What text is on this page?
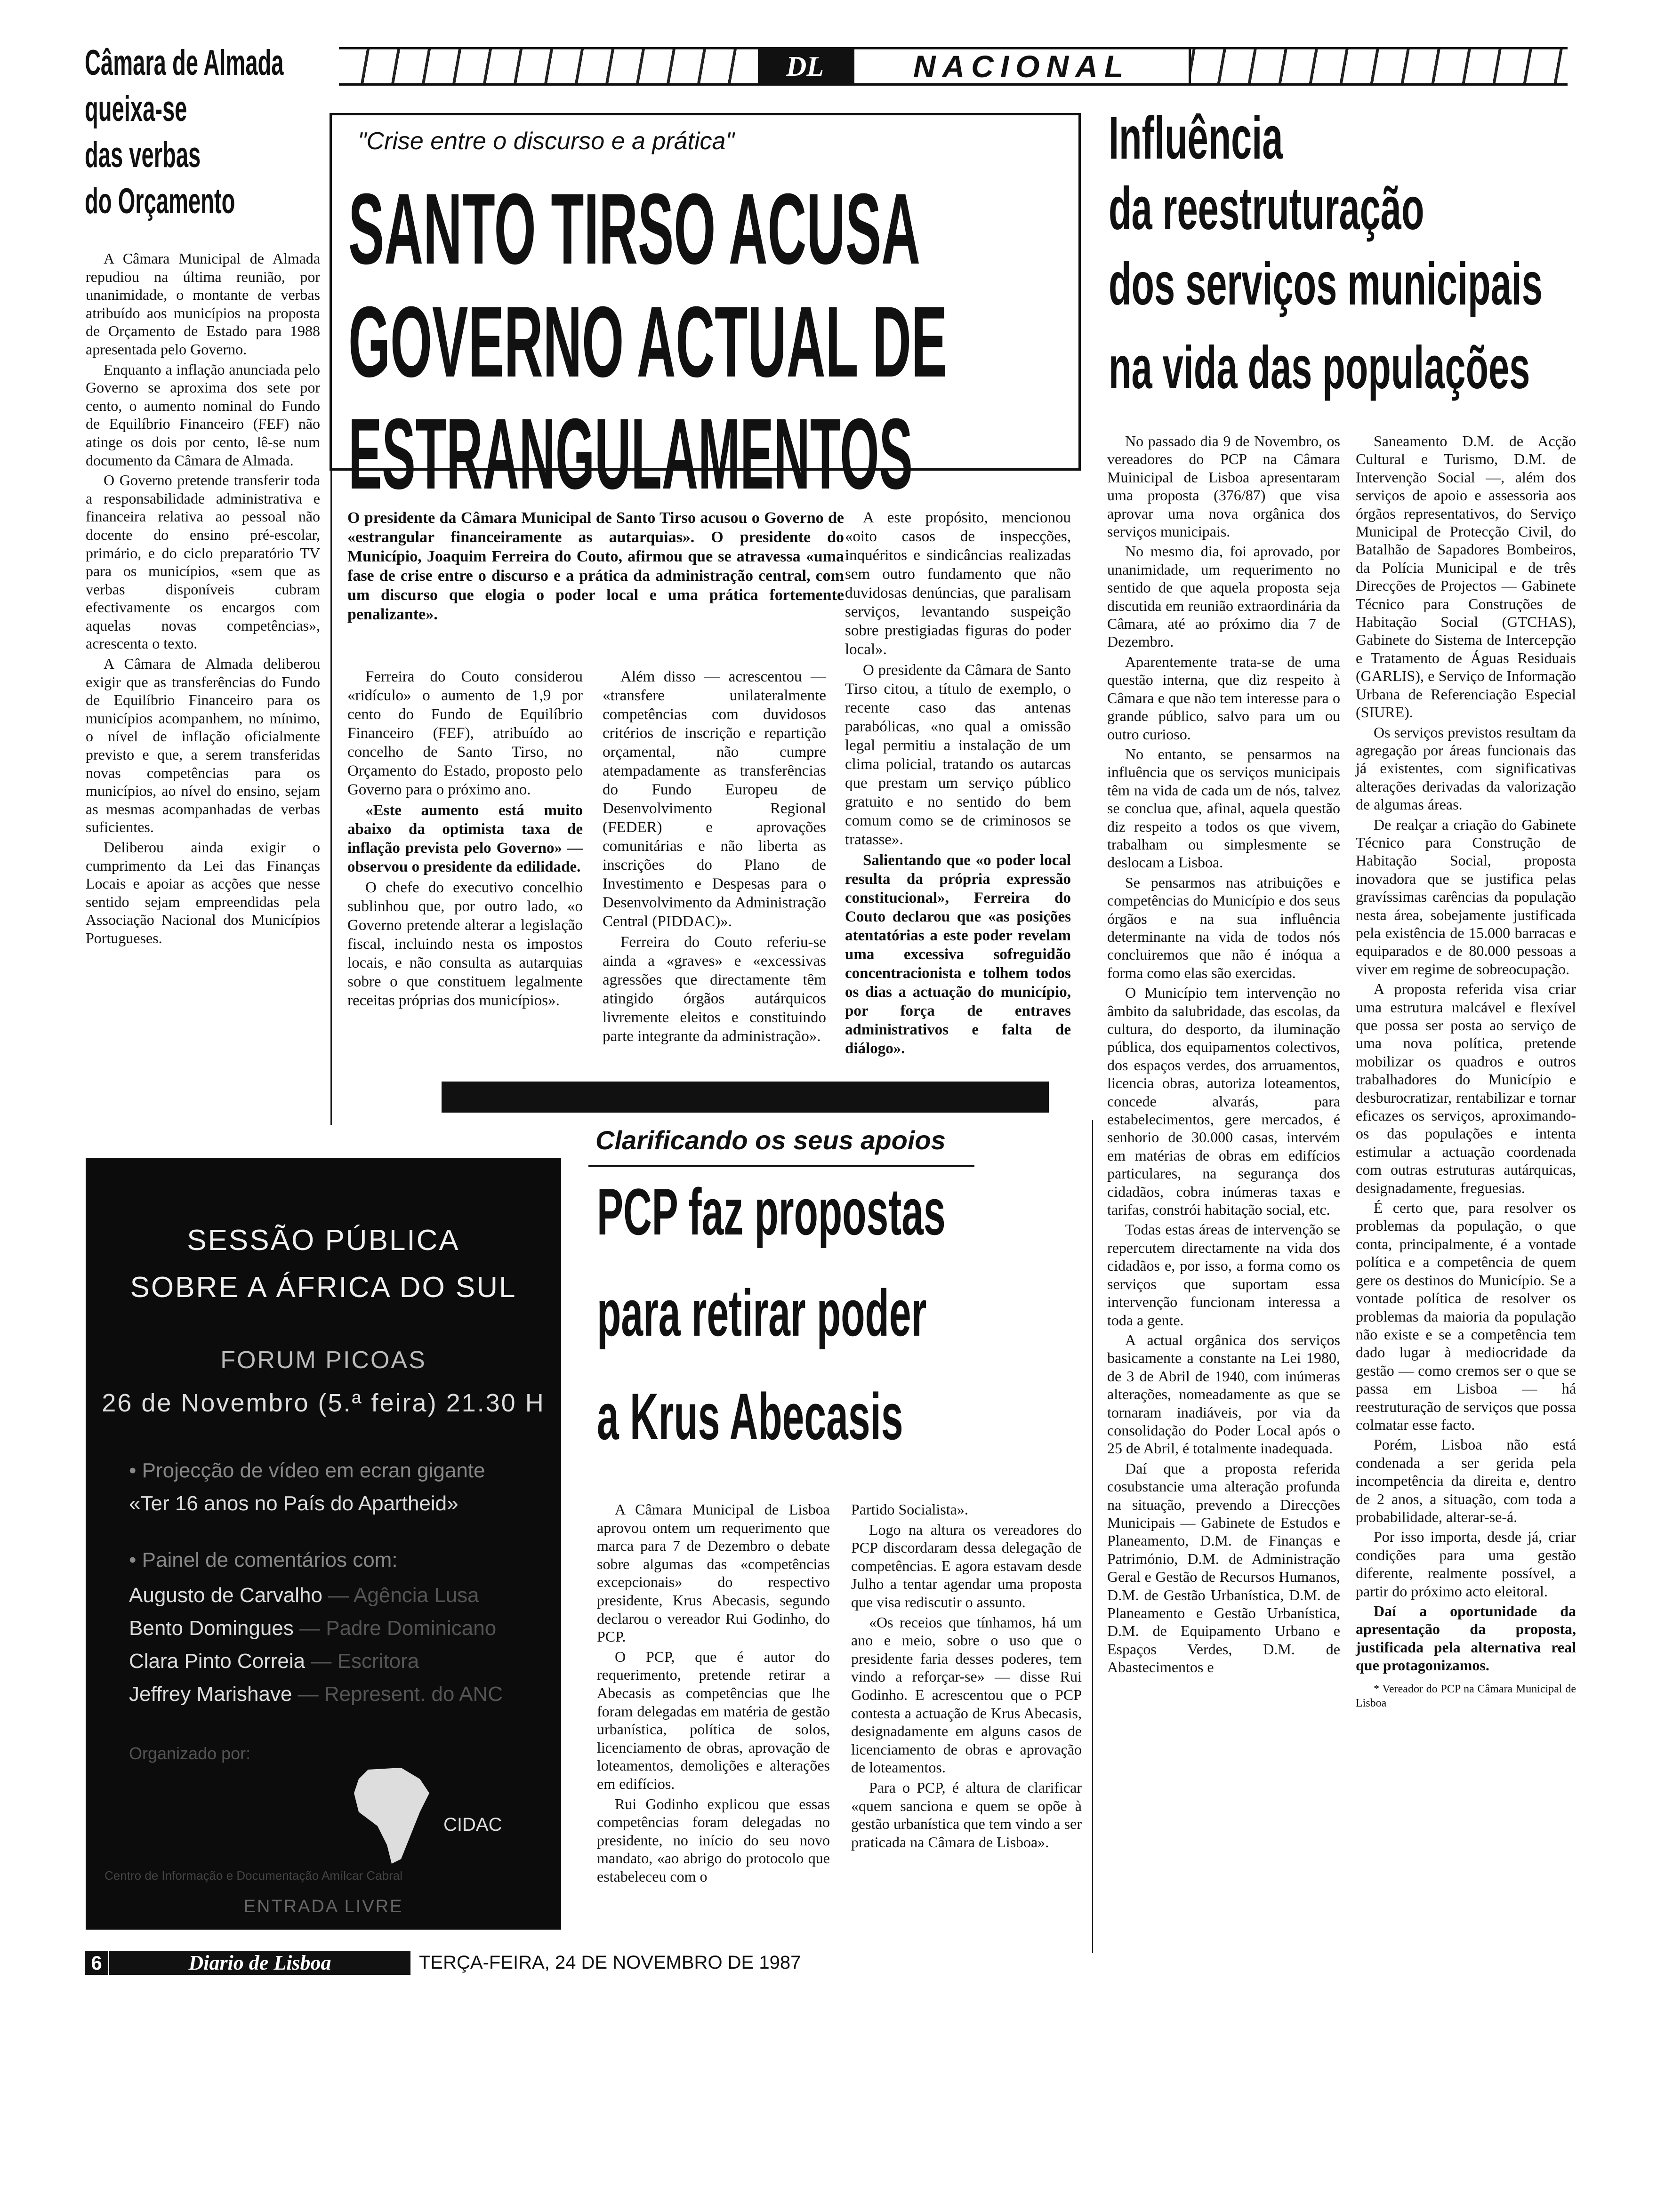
DL	NACIONAL
Câmara de Almada
queixa-se
das verbas
do Orçamento

A Câmara Municipal de Almada repudiou na última reunião, por unanimidade, o montante de verbas atribuído aos municípios na proposta de Orçamento de Estado para 1988 apresentada pelo Governo.

Enquanto a inflação anunciada pelo Governo se aproxima dos sete por cento, o aumento nominal do Fundo de Equilíbrio Financeiro (FEF) não atinge os dois por cento, lê-se num documento da Câmara de Almada.

O Governo pretende transferir toda a responsabilidade administrativa e financeira relativa ao pessoal não docente do ensino pré-escolar, primário, e do ciclo preparatório TV para os municípios, «sem que as verbas disponíveis cubram efectivamente os encargos com aquelas novas competências», acrescenta o texto.

A Câmara de Almada deliberou exigir que as transferências do Fundo de Equilíbrio Financeiro para os municípios acompanhem, no mínimo, o nível de inflação oficialmente previsto e que, a serem transferidas novas competências para os municípios, ao nível do ensino, sejam as mesmas acompanhadas de verbas suficientes.

Deliberou ainda exigir o cumprimento da Lei das Finanças Locais e apoiar as acções que nesse sentido sejam empreendidas pela Associação Nacional dos Municípios Portugueses.

"Crise entre o discurso e a prática"
SANTO TIRSO ACUSA
GOVERNO ACTUAL DE
ESTRANGULAMENTOS

O presidente da Câmara Municipal de Santo Tirso acusou o Governo de «estrangular financeiramente as autarquias». O presidente do Município, Joaquim Ferreira do Couto, afirmou que se atravessa «uma fase de crise entre o discurso e a prática da administração central, com um discurso que elogia o poder local e uma prática fortemente penalizante».

Ferreira do Couto considerou «ridículo» o aumento de 1,9 por cento do Fundo de Equilíbrio Financeiro (FEF), atribuído ao concelho de Santo Tirso, no Orçamento do Estado, proposto pelo Governo para o próximo ano.

«Este aumento está muito abaixo da optimista taxa de inflação prevista pelo Governo» — observou o presidente da edilidade.

O chefe do executivo concelhio sublinhou que, por outro lado, «o Governo pretende alterar a legislação fiscal, incluindo nesta os impostos locais, e não consulta as autarquias sobre o que constituem legalmente receitas próprias dos municípios».

Além disso — acrescentou — «transfere unilateralmente competências com duvidosos critérios de inscrição e repartição orçamental, não cumpre atempadamente as transferências do Fundo Europeu de Desenvolvimento Regional (FEDER) e aprovações comunitárias e não liberta as inscrições do Plano de Investimento e Despesas para o Desenvolvimento da Administração Central (PIDDAC)».

Ferreira do Couto referiu-se ainda a «graves» e «excessivas agressões que directamente têm atingido órgãos autárquicos livremente eleitos e constituindo parte integrante da administração».

A este propósito, mencionou «oito casos de inspecções, inquéritos e sindicâncias realizadas sem outro fundamento que não duvidosas denúncias, que paralisam serviços, levantando suspeição sobre prestigiadas figuras do poder local».

O presidente da Câmara de Santo Tirso citou, a título de exemplo, o recente caso das antenas parabólicas, «no qual a omissão legal permitiu a instalação de um clima policial, tratando os autarcas que prestam um serviço público gratuito e no sentido do bem comum como se de criminosos se tratasse».

Salientando que «o poder local resulta da própria expressão constitucional», Ferreira do Couto declarou que «as posições atentatórias a este poder revelam uma excessiva sofreguidão concentracionista e tolhem todos os dias a actuação do município, por força de entraves administrativos e falta de diálogo».

Influência
da reestruturação
dos serviços municipais
na vida das populações

No passado dia 9 de Novembro, os vereadores do PCP na Câmara Muinicipal de Lisboa apresentaram uma proposta (376/87) que visa aprovar uma nova orgânica dos serviços municipais.

No mesmo dia, foi aprovado, por unanimidade, um requerimento no sentido de que aquela proposta seja discutida em reunião extraordinária da Câmara, até ao próximo dia 7 de Dezembro.

Aparentemente trata-se de uma questão interna, que diz respeito à Câmara e que não tem interesse para o grande público, salvo para um ou outro curioso.

No entanto, se pensarmos na influência que os serviços municipais têm na vida de cada um de nós, talvez se conclua que, afinal, aquela questão diz respeito a todos os que vivem, trabalham ou simplesmente se deslocam a Lisboa.

Se pensarmos nas atribuições e competências do Município e dos seus órgãos e na sua influência determinante na vida de todos nós concluiremos que não é inóqua a forma como elas são exercidas.

O Município tem intervenção no âmbito da salubridade, das escolas, da cultura, do desporto, da iluminação pública, dos equipamentos colectivos, dos espaços verdes, dos arruamentos, licencia obras, autoriza loteamentos, concede alvarás, para estabelecimentos, gere mercados, é senhorio de 30.000 casas, intervém em matérias de obras em edifícios particulares, na segurança dos cidadãos, cobra inúmeras taxas e tarifas, constrói habitação social, etc.

Todas estas áreas de intervenção se repercutem directamente na vida dos cidadãos e, por isso, a forma como os serviços que suportam essa intervenção funcionam interessa a toda a gente.

A actual orgânica dos serviços basicamente a constante na Lei 1980, de 3 de Abril de 1940, com inúmeras alterações, nomeadamente as que se tornaram inadiáveis, por via da consolidação do Poder Local após o 25 de Abril, é totalmente inadequada.

Daí que a proposta referida cosubstancie uma alteração profunda na situação, prevendo a Direcções Municipais — Gabinete de Estudos e Planeamento, D.M. de Finanças e Património, D.M. de Administração Geral e Gestão de Recursos Humanos, D.M. de Gestão Urbanística, D.M. de Planeamento e Gestão Urbanística, D.M. de Equipamento Urbano e Espaços Verdes, D.M. de Abastecimentos e

Saneamento D.M. de Acção Cultural e Turismo, D.M. de Intervenção Social —, além dos serviços de apoio e assessoria aos órgãos representativos, do Serviço Municipal de Protecção Civil, do Batalhão de Sapadores Bombeiros, da Polícia Municipal e de três Direcções de Projectos — Gabinete Técnico para Construções de Habitação Social (GTCHAS), Gabinete do Sistema de Intercepção e Tratamento de Águas Residuais (GARLIS), e Serviço de Informação Urbana de Referenciação Especial (SIURE).

Os serviços previstos resultam da agregação por áreas funcionais das já existentes, com significativas alterações derivadas da valorização de algumas áreas.

De realçar a criação do Gabinete Técnico para Construção de Habitação Social, proposta inovadora que se justifica pelas gravíssimas carências da população nesta área, sobejamente justificada pela existência de 15.000 barracas e equiparados e de 80.000 pessoas a viver em regime de sobreocupação.

A proposta referida visa criar uma estrutura malcável e flexível que possa ser posta ao serviço de uma nova política, pretende mobilizar os quadros e outros trabalhadores do Município e desburocratizar, rentabilizar e tornar eficazes os serviços, aproximando-os das populações e intenta estimular a actuação coordenada com outras estruturas autárquicas, designadamente, freguesias.

É certo que, para resolver os problemas da população, o que conta, principalmente, é a vontade política e a competência de quem gere os destinos do Município. Se a vontade política de resolver os problemas da maioria da população não existe e se a competência tem dado lugar à mediocridade da gestão — como cremos ser o que se passa em Lisboa — há reestruturação de serviços que possa colmatar esse facto.

Porém, Lisboa não está condenada a ser gerida pela incompetência da direita e, dentro de 2 anos, a situação, com toda a probabilidade, alterar-se-á.

Por isso importa, desde já, criar condições para uma gestão diferente, realmente possível, a partir do próximo acto eleitoral.

Daí a oportunidade da apresentação da proposta, justificada pela alternativa real que protagonizamos.

* Vereador do PCP na Câmara Municipal de Lisboa

Clarificando os seus apoios
PCP faz propostas
para retirar poder
a Krus Abecasis

A Câmara Municipal de Lisboa aprovou ontem um requerimento que marca para 7 de Dezembro o debate sobre algumas das «competências excepcionais» do respectivo presidente, Krus Abecasis, segundo declarou o vereador Rui Godinho, do PCP.

O PCP, que é autor do requerimento, pretende retirar a Abecasis as competências que lhe foram delegadas em matéria de gestão urbanística, política de solos, licenciamento de obras, aprovação de loteamentos, demolições e alterações em edifícios.

Rui Godinho explicou que essas competências foram delegadas no presidente, no início do seu novo mandato, «ao abrigo do protocolo que estabeleceu com o

Partido Socialista».

Logo na altura os vereadores do PCP discordaram dessa delegação de competências. E agora estavam desde Julho a tentar agendar uma proposta que visa rediscutir o assunto.

«Os receios que tínhamos, há um ano e meio, sobre o uso que o presidente faria desses poderes, tem vindo a reforçar-se» — disse Rui Godinho. E acrescentou que o PCP contesta a actuação de Krus Abecasis, designadamente em alguns casos de licenciamento de obras e aprovação de loteamentos.

Para o PCP, é altura de clarificar «quem sanciona e quem se opõe à gestão urbanística que tem vindo a ser praticada na Câmara de Lisboa».

SESSÃO PÚBLICA
SOBRE A ÁFRICA DO SUL
FORUM PICOAS
26 de Novembro (5.ª feira) 21.30 H
• Projecção de vídeo em ecran gigante
«Ter 16 anos no País do Apartheid»
• Painel de comentários com:
Augusto de Carvalho — Agência Lusa
Bento Domingues — Padre Dominicano
Clara Pinto Correia — Escritora
Jeffrey Marishave — Represent. do ANC
Organizado por:
CIDAC
Centro de Informação e Documentação Amílcar Cabral
ENTRADA LIVRE
6	Diario de Lisboa	TERÇA-FEIRA, 24 DE NOVEMBRO DE 1987
